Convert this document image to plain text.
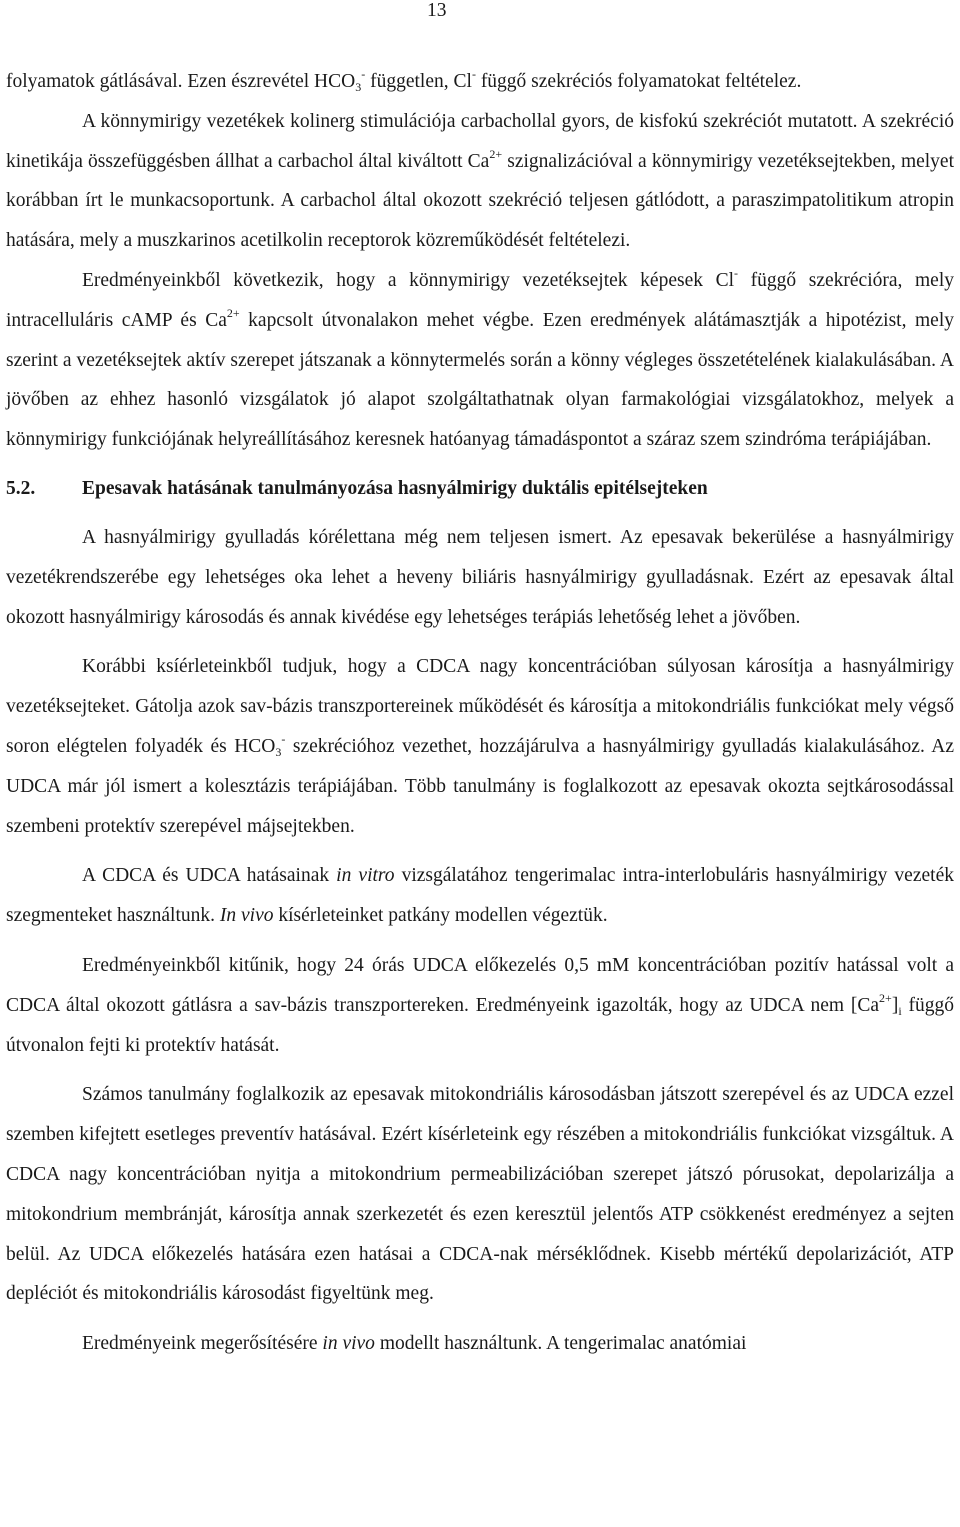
13

folyamatok gátlásával. Ezen észrevétel $HCO_3^-$ független, Cl- függő szekréciós folyamatokat feltételez.

A könnymirigy vezetékek kolinerg stimulációja carbachollal gyors, de kisfokú szekréciót mutatott. A szekréció kinetikája összefüggésben állhat a carbachol által kiváltott $Ca^{2+}$ szignalizációval a könnymirigy vezetéksejtekben, melyet korábban írt le munkacsoportunk. A carbachol által okozott szekréció teljesen gátlódott, a paraszimpatolitikum atropin hatására, mely a muszkarinos acetilkolin receptorok közreműködését feltételezi.

Eredményeinkből következik, hogy a könnymirigy vezetéksejtek képesek Cl- függő szekrécióra, mely intracelluláris cAMP és $Ca^{2+}$ kapcsolt útvonalakon mehet végbe. Ezen eredmények alátámasztják a hipotézist, mely szerint a vezetéksejtek aktív szerepet játszanak a könnytermelés során a könny végleges összetételének kialakulásában. A jövőben az ehhez hasonló vizsgálatok jó alapot szolgáltathatnak olyan farmakológiai vizsgálatokhoz, melyek a könnymirigy funkciójának helyreállításához keresnek hatóanyag támadáspontot a száraz szem szindróma terápiájában.

5.2. Epesavak hatásának tanulmányozása hasnyálmirigy duktális epitélsejteken

A hasnyálmirigy gyulladás kórélettana még nem teljesen ismert. Az epesavak bekerülése a hasnyálmirigy vezetékrendszerébe egy lehetséges oka lehet a heveny biliáris hasnyálmirigy gyulladásnak. Ezért az epesavak által okozott hasnyálmirigy károsodás és annak kivédése egy lehetséges terápiás lehetőség lehet a jövőben.

Korábbi ksíérleteinkből tudjuk, hogy a CDCA nagy koncentrációban súlyosan károsítja a hasnyálmirigy vezetéksejteket. Gátolja azok sav-bázis transzportereinek működését és károsítja a mitokondriális funkciókat mely végső soron elégtelen folyadék és $HCO_3^-$ szekrécióhoz vezethet, hozzájárulva a hasnyálmirigy gyulladás kialakulásához. Az UDCA már jól ismert a kolesztázis terápiájában. Több tanulmány is foglalkozott az epesavak okozta sejtkárosodással szembeni protektív szerepével májsejtekben.

A CDCA és UDCA hatásainak in vitro vizsgálatához tengerimalac intra-interlobuláris hasnyálmirigy vezeték szegmenteket használtunk. In vivo kísérleteinket patkány modellen végeztük.

Eredményeinkből kitűnik, hogy 24 órás UDCA előkezelés 0,5 mM koncentrációban pozitív hatással volt a CDCA által okozott gátlásra a sav-bázis transzportereken. Eredményeink igazolták, hogy az UDCA nem $[Ca^{2+}]_i$ függő útvonalon fejti ki protektív hatását.

Számos tanulmány foglalkozik az epesavak mitokondriális károsodásban játszott szerepével és az UDCA ezzel szemben kifejtett esetleges preventív hatásával. Ezért kísérleteink egy részében a mitokondriális funkciókat vizsgáltuk. A CDCA nagy koncentrációban nyitja a mitokondrium permeabilizációban szerepet játszó pórusokat, depolarizálja a mitokondrium membránját, károsítja annak szerkezetét és ezen keresztül jelentős ATP csökkenést eredményez a sejten belül. Az UDCA előkezelés hatására ezen hatásai a CDCA-nak mérséklődnek. Kisebb mértékű depolarizációt, ATP depléciót és mitokondriális károsodást figyeltünk meg.

Eredményeink megerősítésére in vivo modellt használtunk. A tengerimalac anatómiai
